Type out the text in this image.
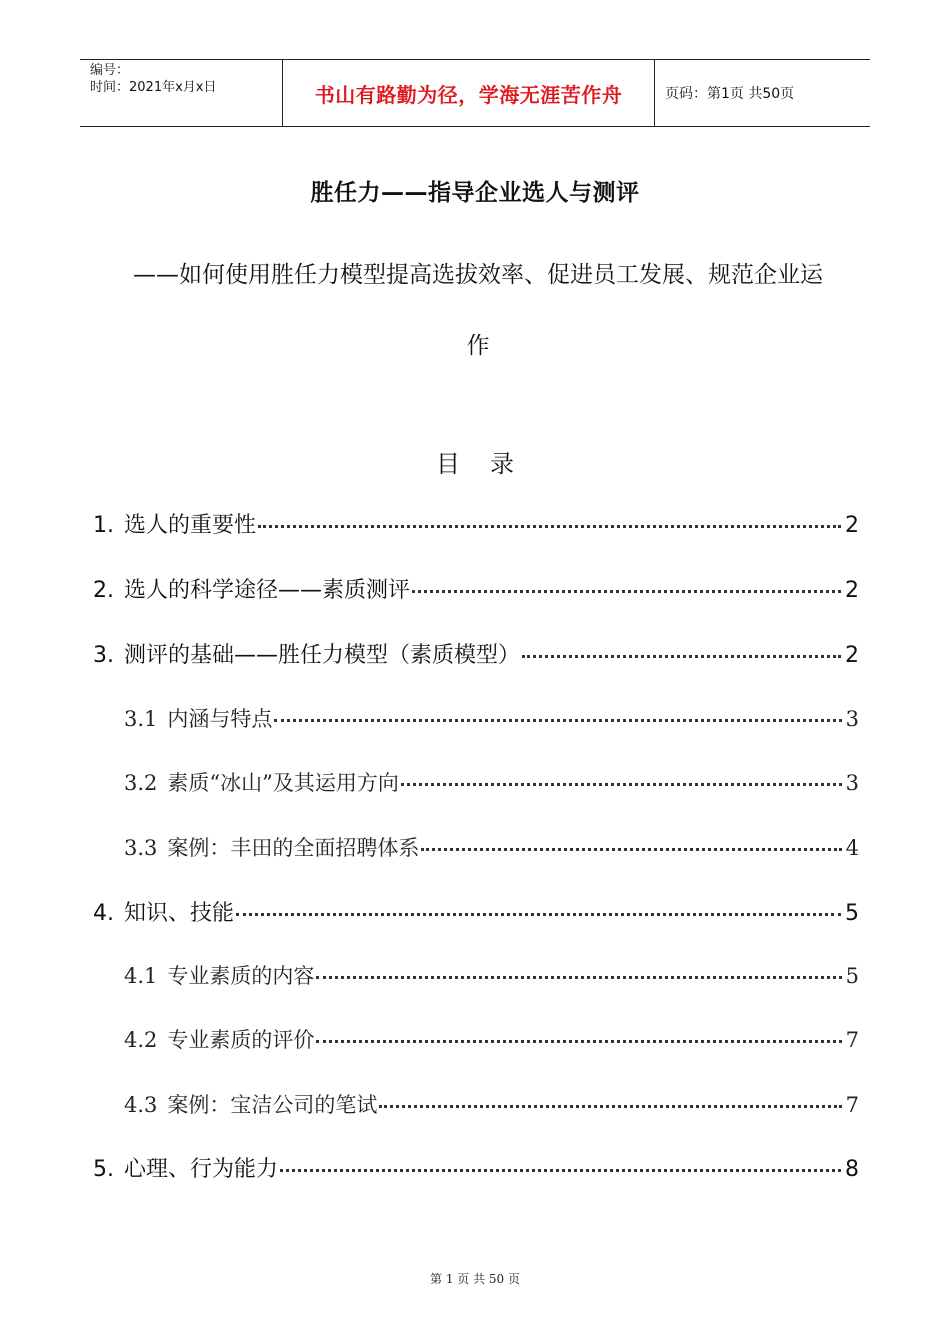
编号：
时间：2021年x月x日	书山有路勤为径，学海无涯苦作舟	页码：第1页 共50页
胜任力——指导企业选人与测评
——如何使用胜任力模型提高选拔效率、促进员工发展、规范企业运
作
目 录
1. 选人的重要性	2
2. 选人的科学途径——素质测评	2
3. 测评的基础——胜任力模型（素质模型）	2
3.1 内涵与特点	3
3.2 素质“冰山”及其运用方向	3
3.3 案例：丰田的全面招聘体系	4
4. 知识、技能	5
4.1 专业素质的内容	5
4.2 专业素质的评价	7
4.3 案例：宝洁公司的笔试	7
5. 心理、行为能力	8
第 1 页 共 50 页
